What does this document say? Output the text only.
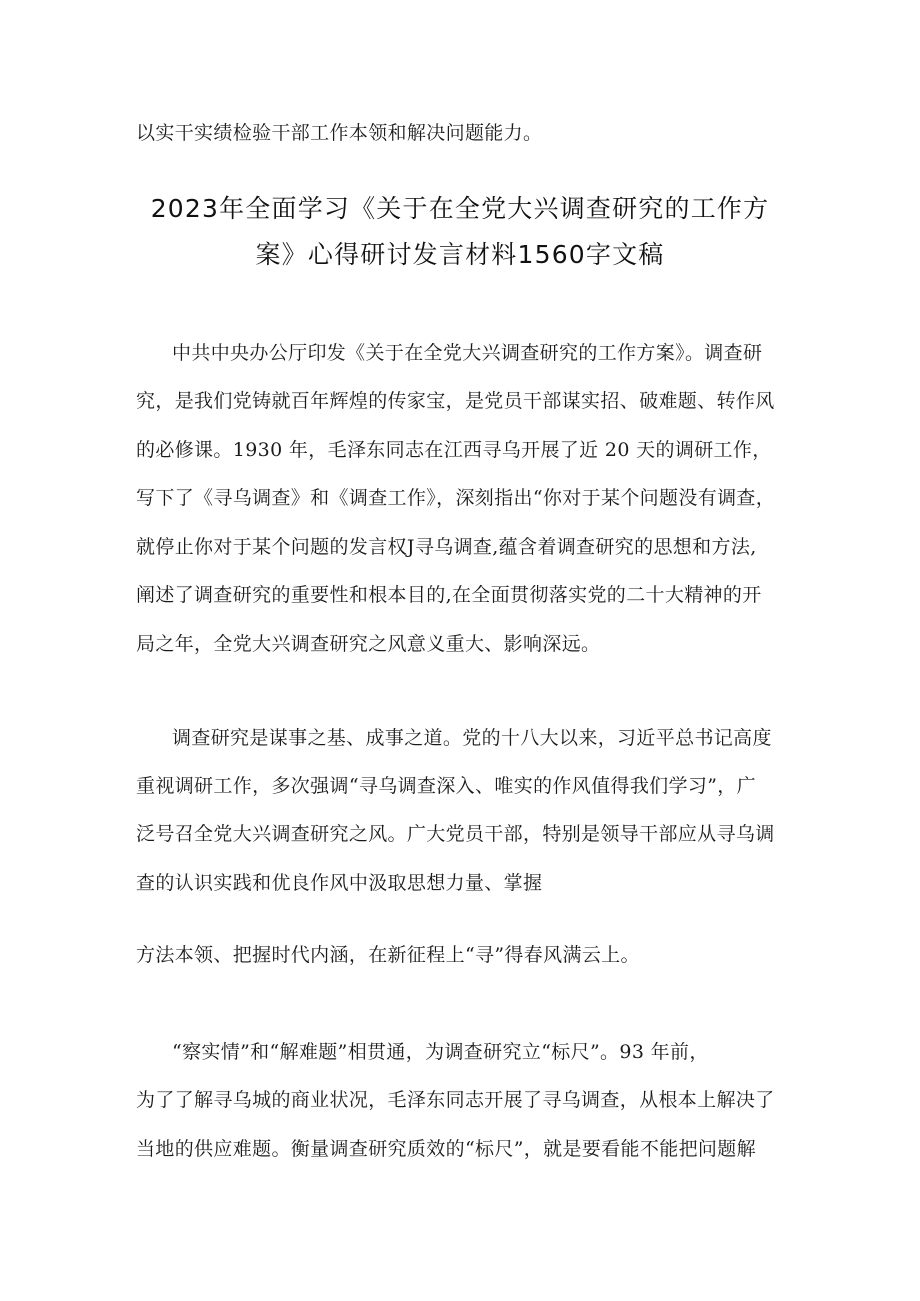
以实干实绩检验干部工作本领和解决问题能力。
2023年全面学习《关于在全党大兴调查研究的工作方
案》心得研讨发言材料1560字文稿
中共中央办公厅印发《关于在全党大兴调查研究的工作方案》。调查研
究，是我们党铸就百年辉煌的传家宝，是党员干部谋实招、破难题、转作风
的必修课。1930 年，毛泽东同志在江西寻乌开展了近 20 天的调研工作，
写下了《寻乌调查》和《调查工作》，深刻指出“你对于某个问题没有调查，
就停止你对于某个问题的发言权J寻乌调查,蕴含着调查研究的思想和方法,
阐述了调查研究的重要性和根本目的,在全面贯彻落实党的二十大精神的开
局之年，全党大兴调查研究之风意义重大、影响深远。
调查研究是谋事之基、成事之道。党的十八大以来，习近平总书记高度
重视调研工作，多次强调“寻乌调查深入、唯实的作风值得我们学习”，广
泛号召全党大兴调查研究之风。广大党员干部，特别是领导干部应从寻乌调
查的认识实践和优良作风中汲取思想力量、掌握
方法本领、把握时代内涵，在新征程上“寻”得春风满云上。
“察实情”和“解难题”相贯通，为调查研究立“标尺”。93 年前，
为了了解寻乌城的商业状况，毛泽东同志开展了寻乌调查，从根本上解决了
当地的供应难题。衡量调查研究质效的“标尺”，就是要看能不能把问题解
